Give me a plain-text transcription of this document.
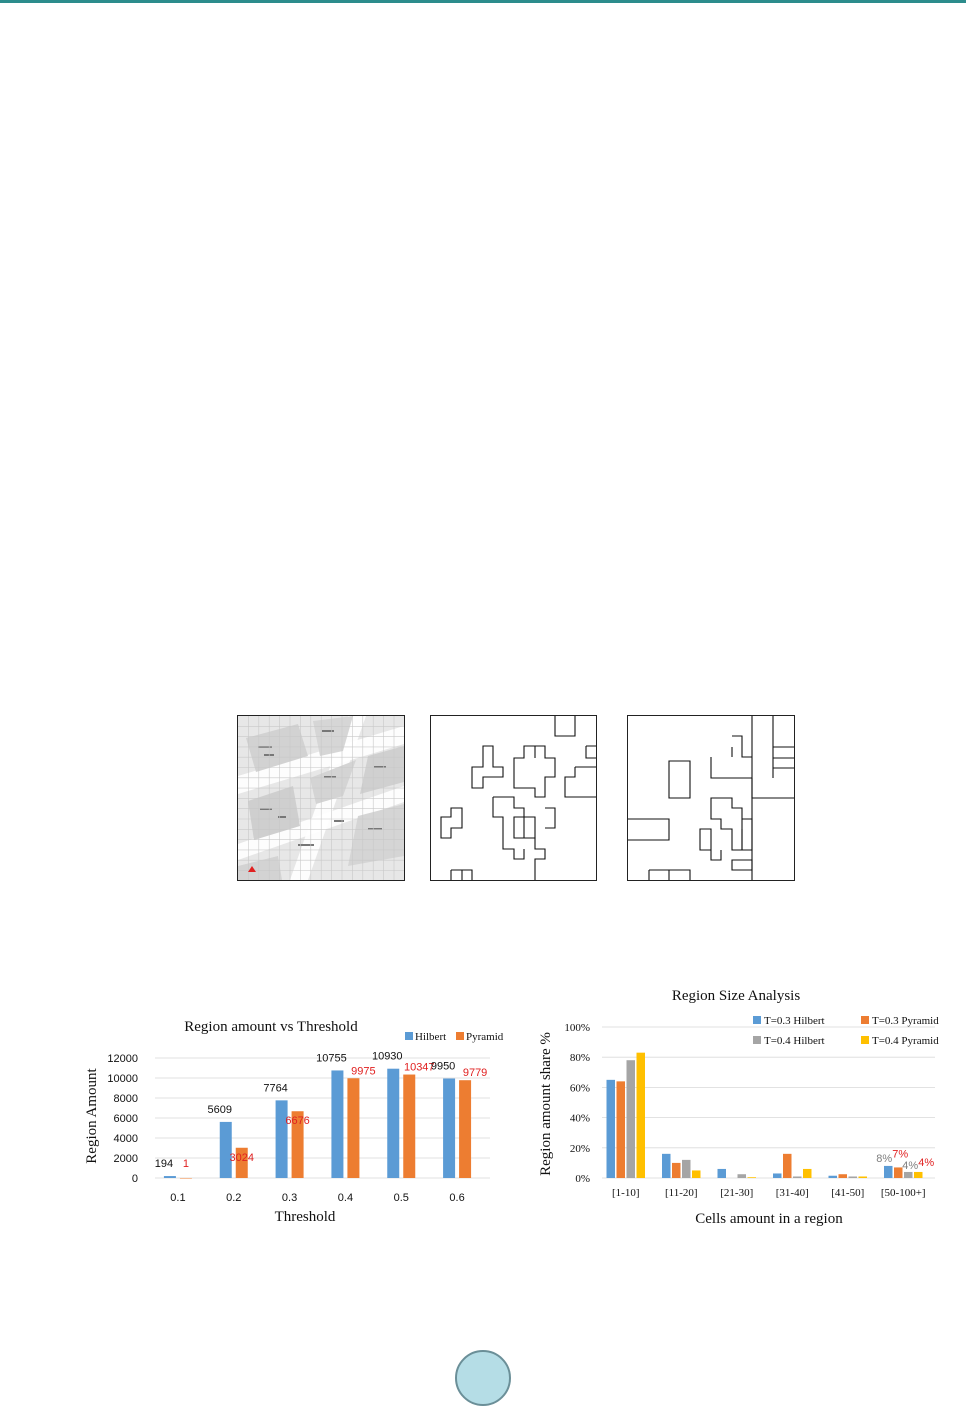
Region amount vs Threshold
Hilbert Pyramid
Region Amount
Threshold
0
2000
4000
6000
8000
10000
12000
0.1	0.2	0.3	0.4	0.5	0.6
194 1
5609
3024
7764
6676
10755
9975
10930
10347
9950
9779
Region Size Analysis
T=0.3 Hilbert	T=0.3 Pyramid
T=0.4 Hilbert	T=0.4 Pyramid
Region amount share %
Cells amount in a region
0%
20%
40%
60%
80%
100%
[1-10] [11-20] [21-30] [31-40] [41-50] [50-100+]
8% 7%
4% 4%
